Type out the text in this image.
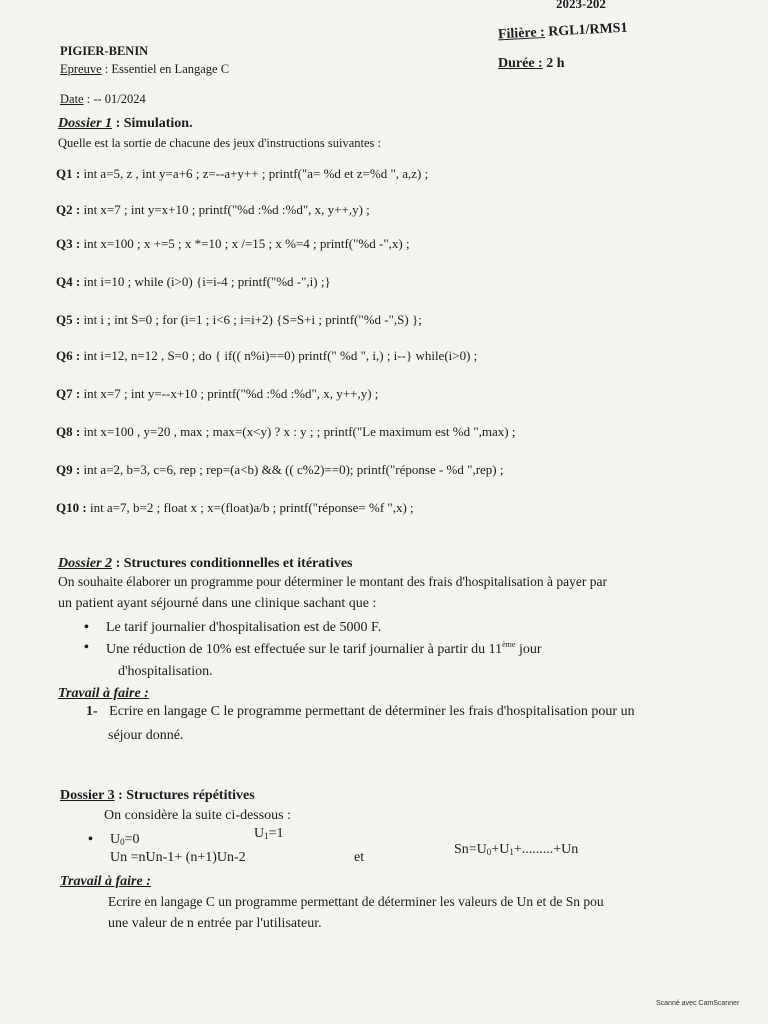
2023-202
PIGIER-BENIN
Epreuve : Essentiel en Langage C
Date : -- 01/2024
Filière : RGL1/RMS1
Durée : 2 h
Dossier 1 : Simulation.
Quelle est la sortie de chacune des jeux d'instructions suivantes :
Q1 : int a=5, z , int y=a+6 ; z=--a+y++ ; printf("a= %d et z=%d ", a,z) ;
Q2 : int x=7 ; int y=x+10 ; printf("%d :%d :%d", x, y++,y) ;
Q3 : int x=100 ; x +=5 ; x *=10 ; x /=15 ; x %=4 ; printf("%d -",x) ;
Q4 : int i=10 ; while (i>0) {i=i-4 ; printf("%d -",i) ;}
Q5 : int i ; int S=0 ; for (i=1 ; i<6 ; i=i+2) {S=S+i ; printf("%d -",S) };
Q6 : int i=12, n=12 , S=0 ; do { if(( n%i)==0) printf(" %d ", i,) ; i--} while(i>0) ;
Q7 : int x=7 ; int y=--x+10 ; printf("%d :%d :%d", x, y++,y) ;
Q8 : int x=100 , y=20 , max ; max=(x<y) ? x : y ; ; printf("Le maximum est %d ",max) ;
Q9 : int a=2, b=3, c=6, rep ; rep=(a<b) && (( c%2)==0); printf("réponse - %d ",rep) ;
Q10 : int a=7, b=2 ; float x ; x=(float)a/b ; printf("réponse= %f ",x) ;
Dossier 2 : Structures conditionnelles et itératives
On souhaite élaborer un programme pour déterminer le montant des frais d'hospitalisation à payer par
un patient ayant séjourné dans une clinique sachant que :
• Le tarif journalier d'hospitalisation est de 5000 F.
• Une réduction de 10% est effectuée sur le tarif journalier à partir du 11ème jour
d'hospitalisation.
Travail à faire :
1- Ecrire en langage C le programme permettant de déterminer les frais d'hospitalisation pour un
séjour donné.
Dossier 3 : Structures répétitives
On considère la suite ci-dessous :
• $U_0=0$	$U_1=1$
Un =nUn-1+ (n+1)Un-2	et
$Sn=U_0+U_1+.........+Un$
Travail à faire :
Ecrire en langage C un programme permettant de déterminer les valeurs de Un et de Sn pou
une valeur de n entrée par l'utilisateur.
Scanné avec CamScanner
